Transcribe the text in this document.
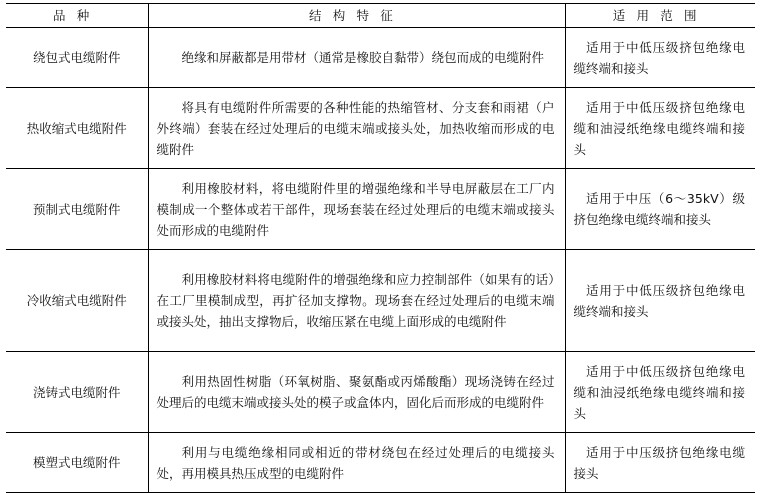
品种	结构特征	适用范围
绕包式电缆附件	绝缘和屏蔽都是用带材（通常是橡胶自黏带）绕包而成的电缆附件	适用于中低压级挤包绝缘电缆终端和接头
热收缩式电缆附件	将具有电缆附件所需要的各种性能的热缩管材、分支套和雨裙（户外终端）套装在经过处理后的电缆末端或接头处，加热收缩而形成的电缆附件	适用于中低压级挤包绝缘电缆和油浸纸绝缘电缆终端和接头
预制式电缆附件	利用橡胶材料，将电缆附件里的增强绝缘和半导电屏蔽层在工厂内模制成一个整体或若干部件，现场套装在经过处理后的电缆末端或接头处而形成的电缆附件	适用于中压（6～35kV）级挤包绝缘电缆终端和接头
冷收缩式电缆附件	利用橡胶材料将电缆附件的增强绝缘和应力控制部件（如果有的话）在工厂里模制成型，再扩径加支撑物。现场套在经过处理后的电缆末端或接头处，抽出支撑物后，收缩压紧在电缆上面形成的电缆附件	适用于中低压级挤包绝缘电缆终端和接头
浇铸式电缆附件	利用热固性树脂（环氧树脂、聚氨酯或丙烯酸酯）现场浇铸在经过处理后的电缆末端或接头处的模子或盒体内，固化后而形成的电缆附件	适用于中低压级挤包绝缘电缆和油浸纸绝缘电缆终端和接头
模塑式电缆附件	利用与电缆绝缘相同或相近的带材绕包在经过处理后的电缆接头处，再用模具热压成型的电缆附件	适用于中压级挤包绝缘电缆接头
